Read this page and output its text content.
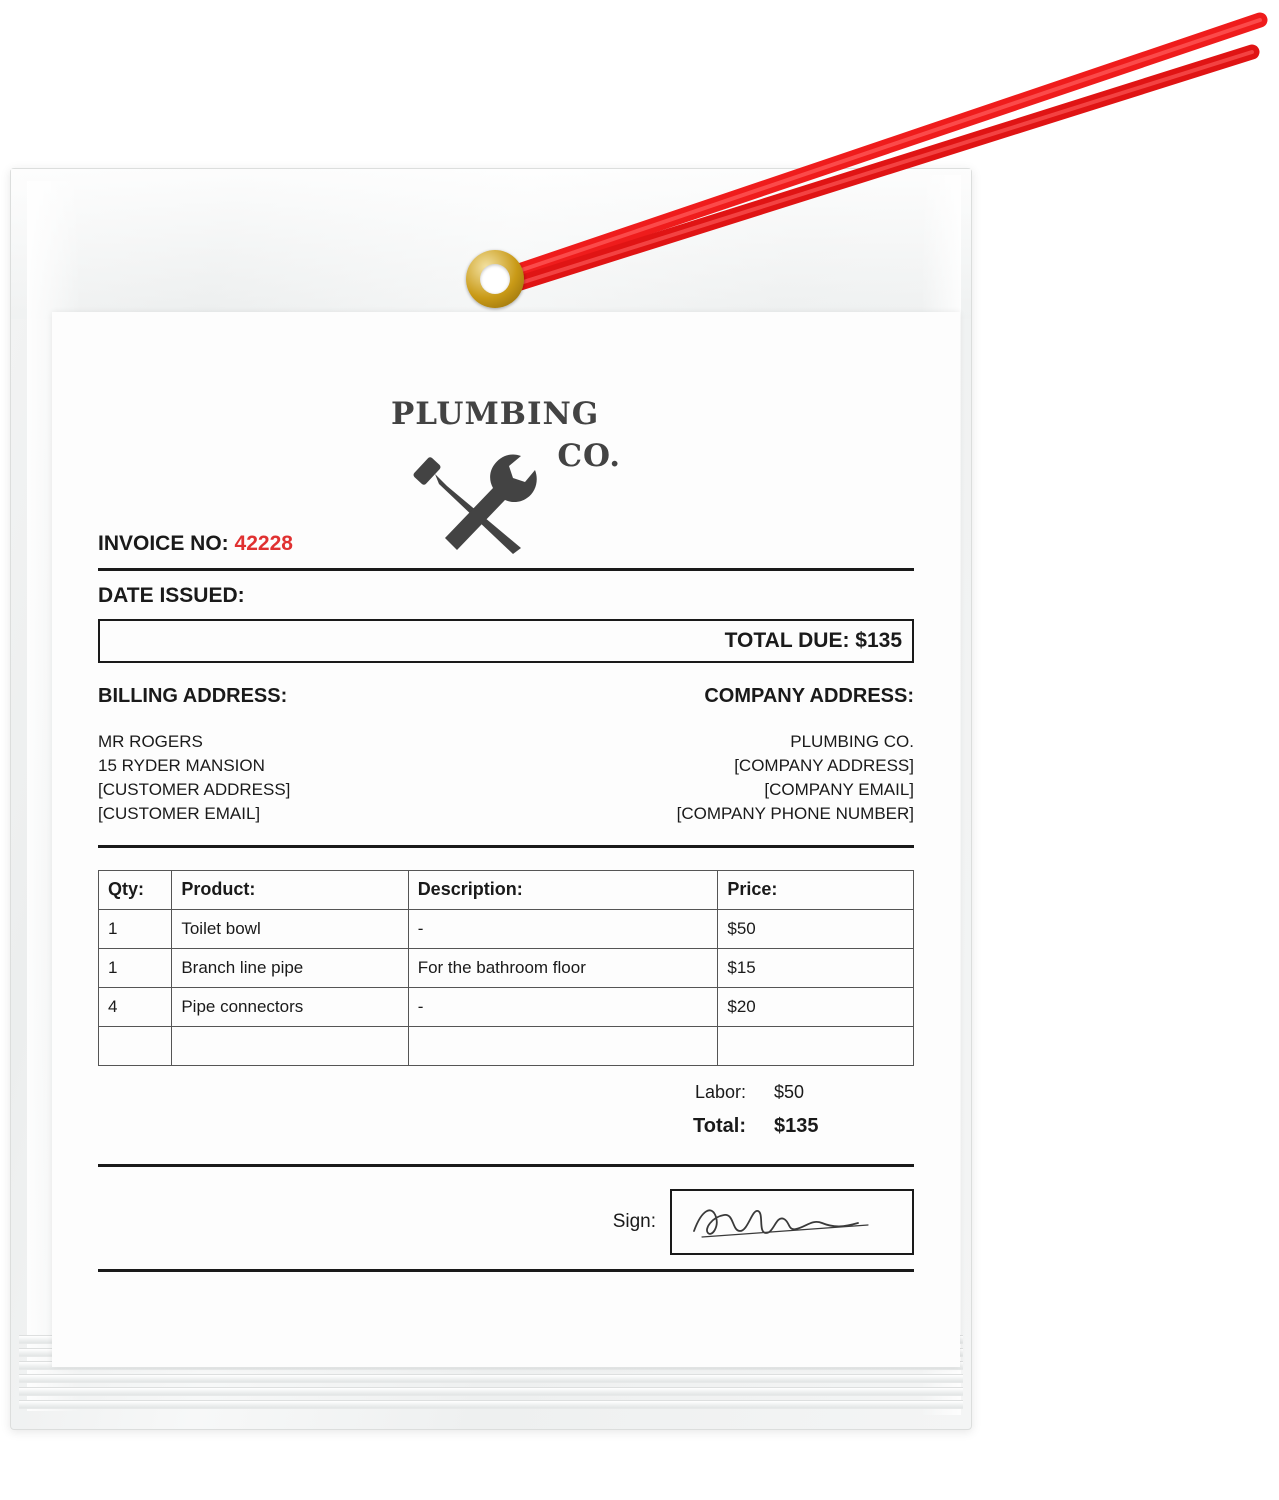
PLUMBING
CO.
INVOICE NO: 42228
DATE ISSUED:
TOTAL DUE: $135
BILLING ADDRESS:
MR ROGERS
15 RYDER MANSION
[CUSTOMER ADDRESS]
[CUSTOMER EMAIL]
COMPANY ADDRESS:
PLUMBING CO.
[COMPANY ADDRESS]
[COMPANY EMAIL]
[COMPANY PHONE NUMBER]
Qty:	Product:	Description:	Price:
1	Toilet bowl	-	$50
1	Branch line pipe	For the bathroom floor	$15
4	Pipe connectors	-	$20

Labor:	$50
Total:	$135
Sign:
